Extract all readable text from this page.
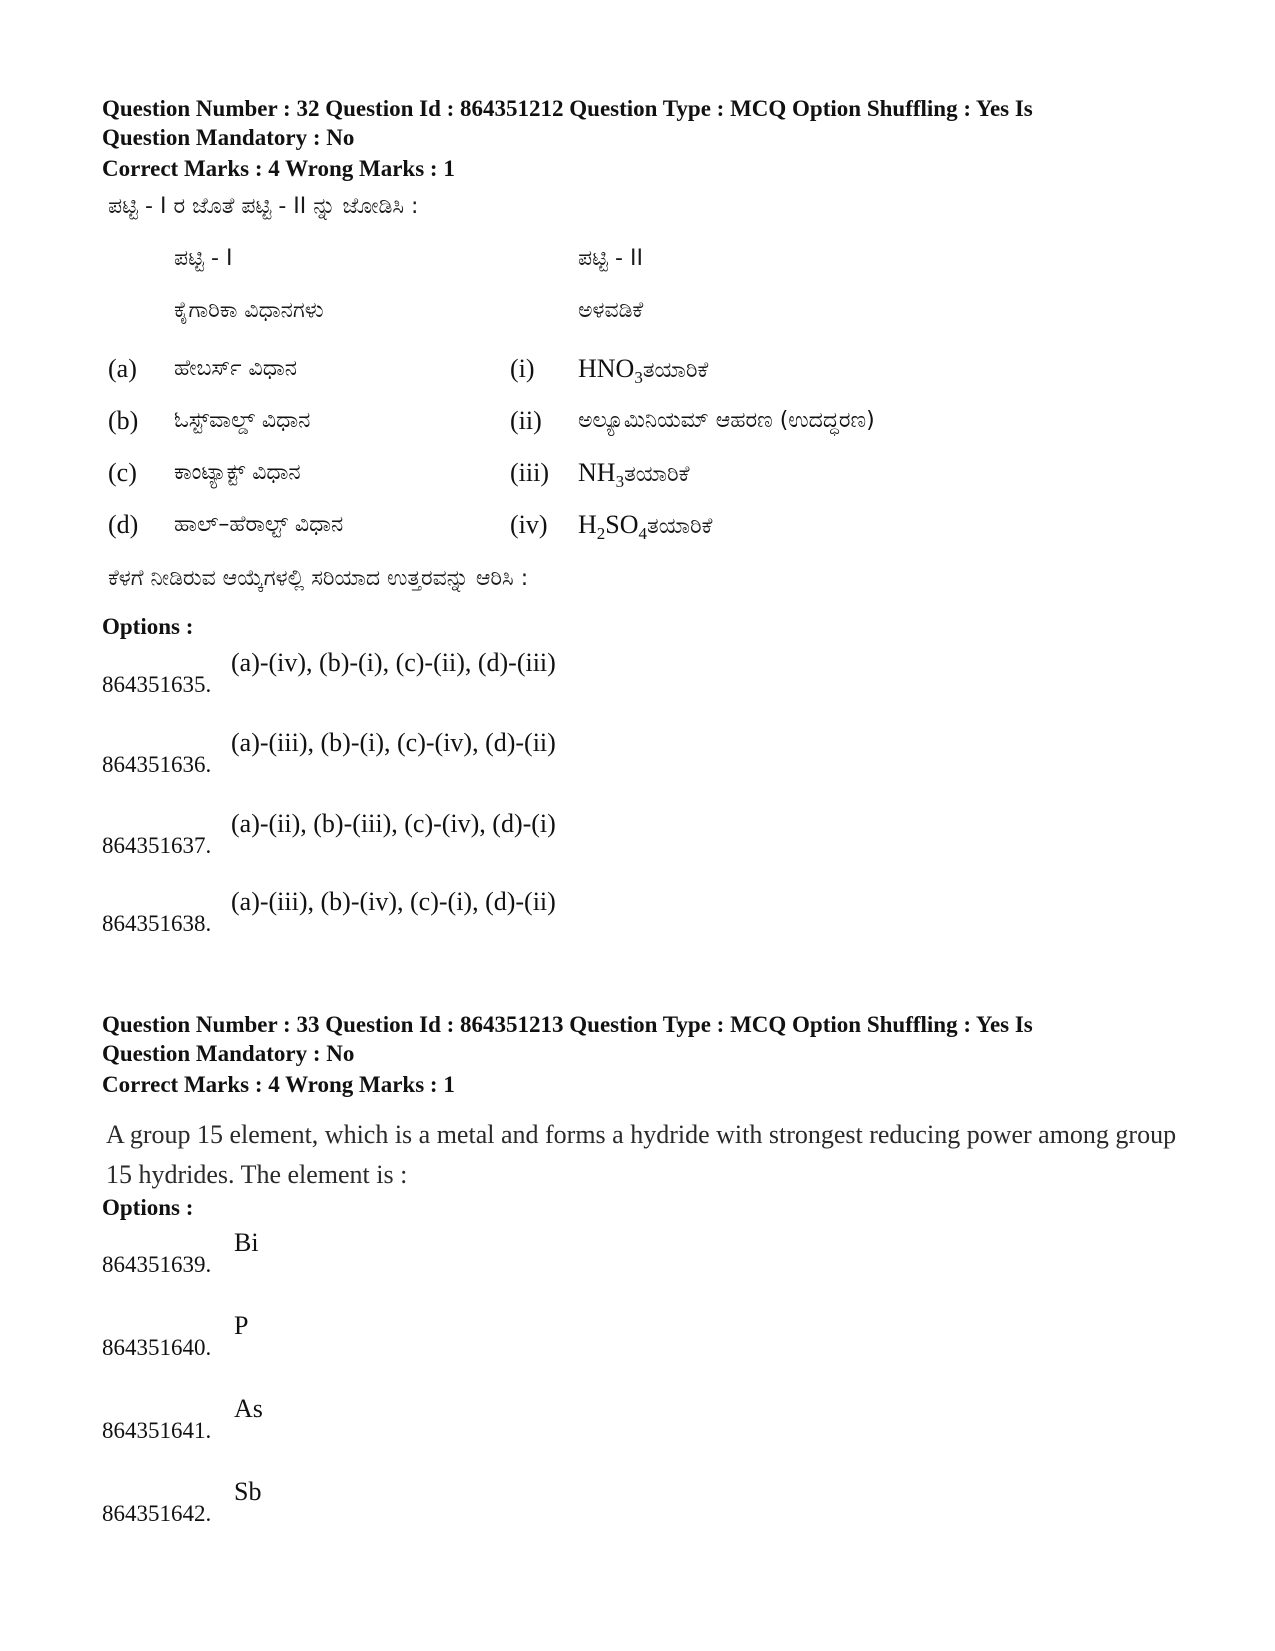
Question Number : 32 Question Id : 864351212 Question Type : MCQ Option Shuffling : Yes Is
Question Mandatory : No

Correct Marks : 4 Wrong Marks : 1

ಪಟ್ಟಿ - I ರ ಜೊತೆ ಪಟ್ಟಿ - II ನ್ನು ಜೋಡಿಸಿ :
ಪಟ್ಟಿ - I	ಪಟ್ಟಿ - II
ಕೈಗಾರಿಕಾ ವಿಧಾನಗಳು	ಅಳವಡಿಕೆ
(a) ಹೇಬರ್ಸ್ ವಿಧಾನ	(i) $HNO_3ತಯಾರಿಕೆ$
(b) ಓಸ್ಟ್‌ವಾಲ್ಡ್ ವಿಧಾನ	(ii) ಅಲ್ಯೂಮಿನಿಯಮ್ ಆಹರಣ (ಉದದ್ಧರಣ)
(c) ಕಾಂಟ್ಯಾಕ್ಟ್ ವಿಧಾನ	(iii) $NH_3ತಯಾರಿಕೆ$
(d) ಹಾಲ್–ಹೆರಾಲ್ಟ್ ವಿಧಾನ	(iv) $H_2SO_4ತಯಾರಿಕೆ$
ಕೆಳಗೆ ನೀಡಿರುವ ಆಯ್ಕೆಗಳಲ್ಲಿ ಸರಿಯಾದ ಉತ್ತರವನ್ನು ಆರಿಸಿ :
Options :
864351635.
(a)-(iv), (b)-(i), (c)-(ii), (d)-(iii)
864351636.
(a)-(iii), (b)-(i), (c)-(iv), (d)-(ii)
864351637.
(a)-(ii), (b)-(iii), (c)-(iv), (d)-(i)
864351638.
(a)-(iii), (b)-(iv), (c)-(i), (d)-(ii)

Question Number : 33 Question Id : 864351213 Question Type : MCQ Option Shuffling : Yes Is
Question Mandatory : No

Correct Marks : 4 Wrong Marks : 1

A group 15 element, which is a metal and forms a hydride with strongest reducing power among group 15 hydrides. The element is :
Options :
864351639.
Bi
864351640.
P
864351641.
As
864351642.
Sb
